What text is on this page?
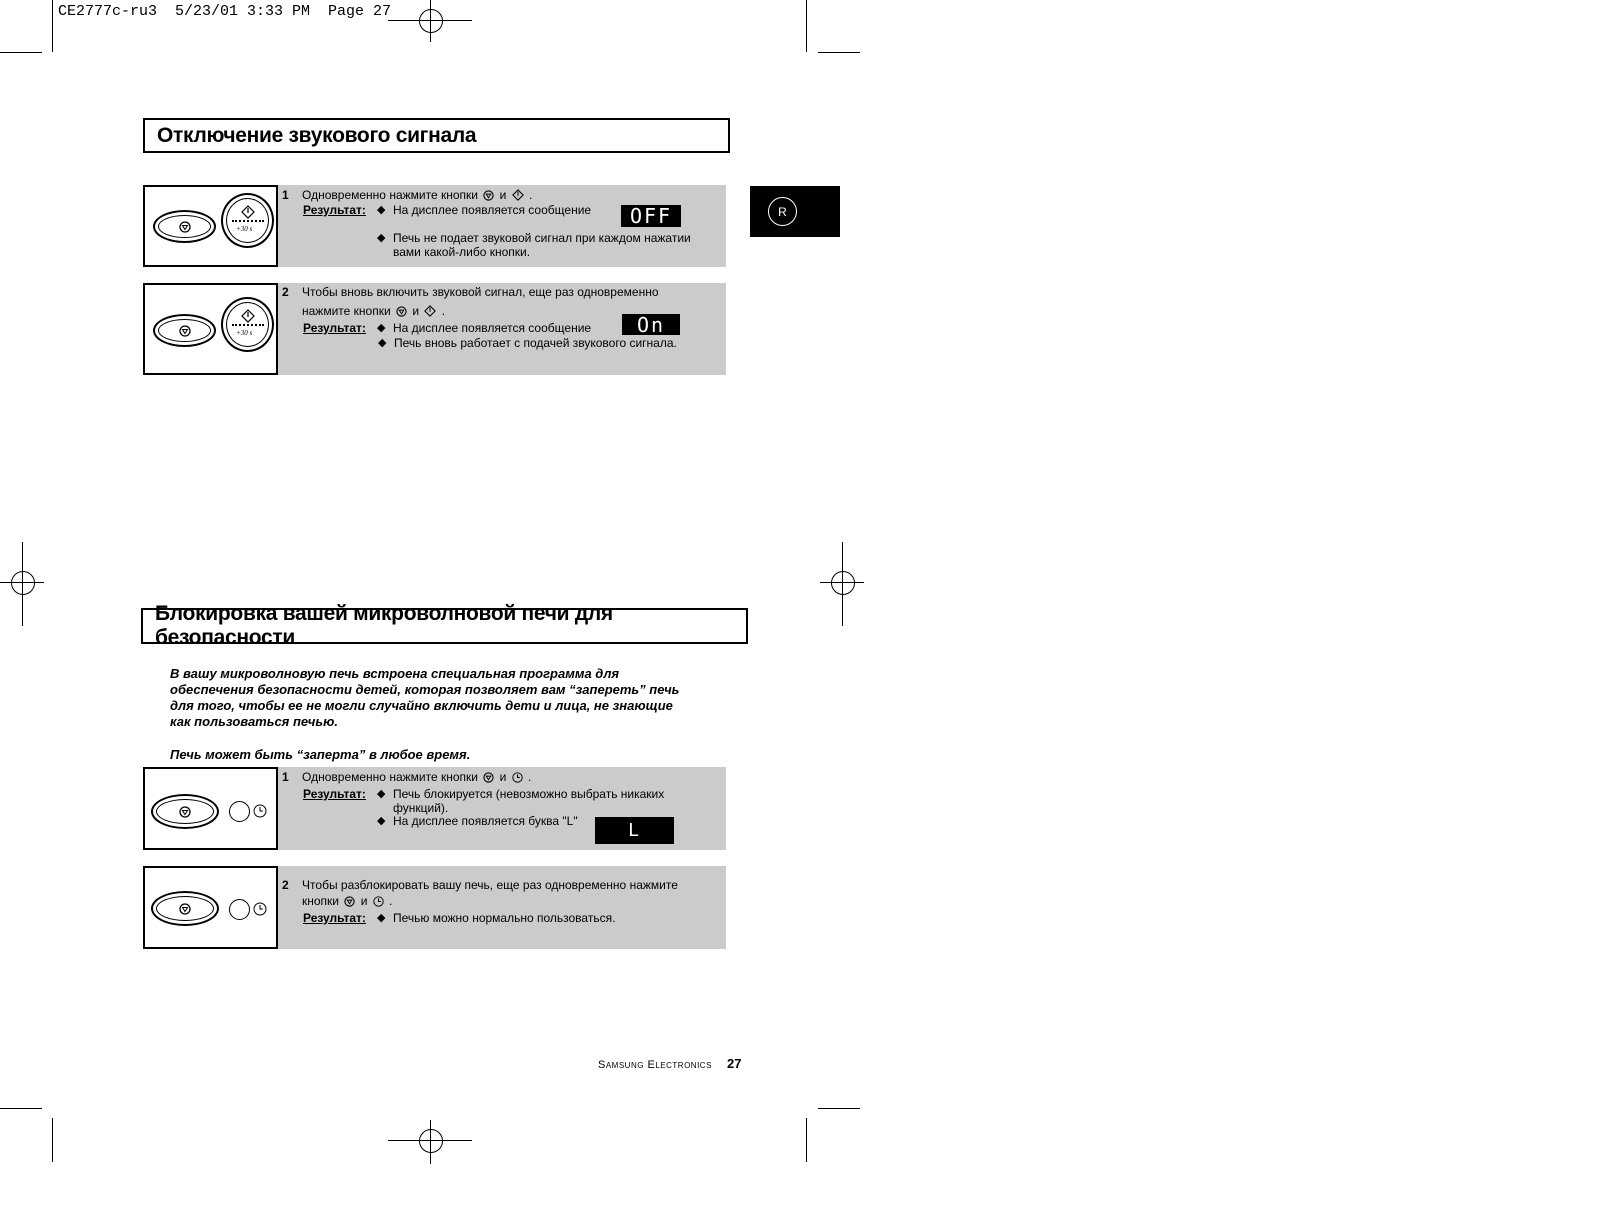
CE2777c-ru3  5/23/01 3:33 PM  Page 27
R
Отключение звукового сигнала
+30 s
1 Одновременно нажмите кнопки и .
Результат: ◆ На дисплее появляется сообщение	OFF
◆ Печь не подает звуковой сигнал при каждом нажатии
вами какой-либо кнопки.
+30 s
2 Чтобы вновь включить звуковой сигнал, еще раз одновременно
нажмите кнопки и .
Результат: ◆ На дисплее появляется сообщение	On
◆ Печь вновь работает с подачей звукового сигнала.
Блокировка вашей микроволновой печи для безопасности
В вашу микроволновую печь встроена специальная программа для
обеспечения безопасности детей, которая позволяет вам “запереть” печь
для того, чтобы ее не могли случайно включить дети и лица, не знающие
как пользоваться печью.
Печь может быть “заперта” в любое время.
1 Одновременно нажмите кнопки и .
Результат: ◆ Печь блокируется (невозможно выбрать никаких
функций).
◆ На дисплее появляется буква "L"	L
2 Чтобы разблокировать вашу печь, еще раз одновременно нажмите
кнопки и .
Результат: ◆ Печью можно нормально пользоваться.
Samsung Electronics 27
